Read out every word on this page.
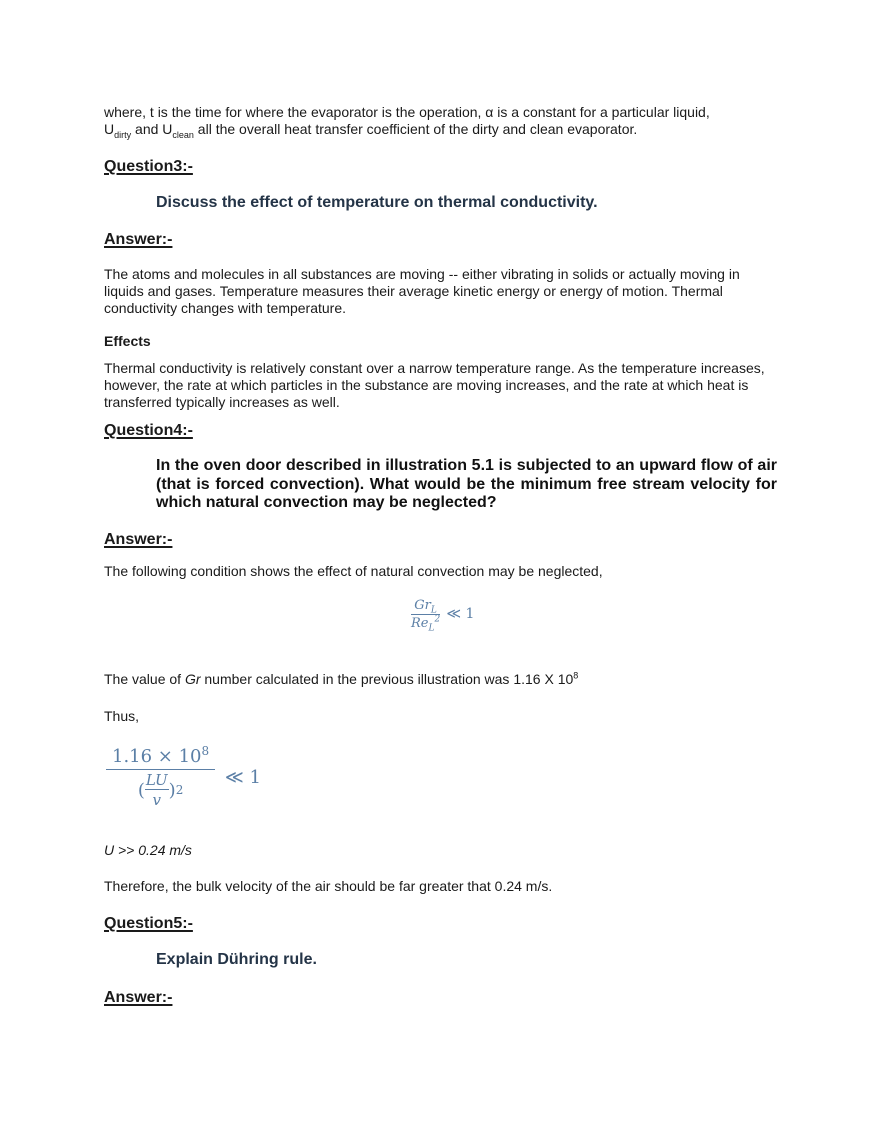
where, t is the time for where the evaporator is the operation, α is a constant for a particular liquid,
$U_{dirty}$ and $U_{clean}$ all the overall heat transfer coefficient of the dirty and clean evaporator.

Question3:-
Discuss the effect of temperature on thermal conductivity.
Answer:-

The atoms and molecules in all substances are moving -- either vibrating in solids or actually moving in liquids and gases. Temperature measures their average kinetic energy or energy of motion. Thermal conductivity changes with temperature.

Effects

Thermal conductivity is relatively constant over a narrow temperature range. As the temperature increases, however, the rate at which particles in the substance are moving increases, and the rate at which heat is transferred typically increases as well.

Question4:-
In the oven door described in illustration 5.1 is subjected to an upward flow of air (that is forced convection). What would be the minimum free stream velocity for which natural convection may be neglected?
Answer:-

The following condition shows the effect of natural convection may be neglected,

$\frac{Gr_L}{Re_L^2}$ ≪ 1

The value of Gr number calculated in the previous illustration was 1.16 X $10^8$

Thus,

$\frac{1.16 \times 10^8}{( \frac{LU}{v} ) 2}$ ≪ 1

U >> 0.24 m/s

Therefore, the bulk velocity of the air should be far greater that 0.24 m/s.

Question5:-
Explain Dühring rule.
Answer:-
